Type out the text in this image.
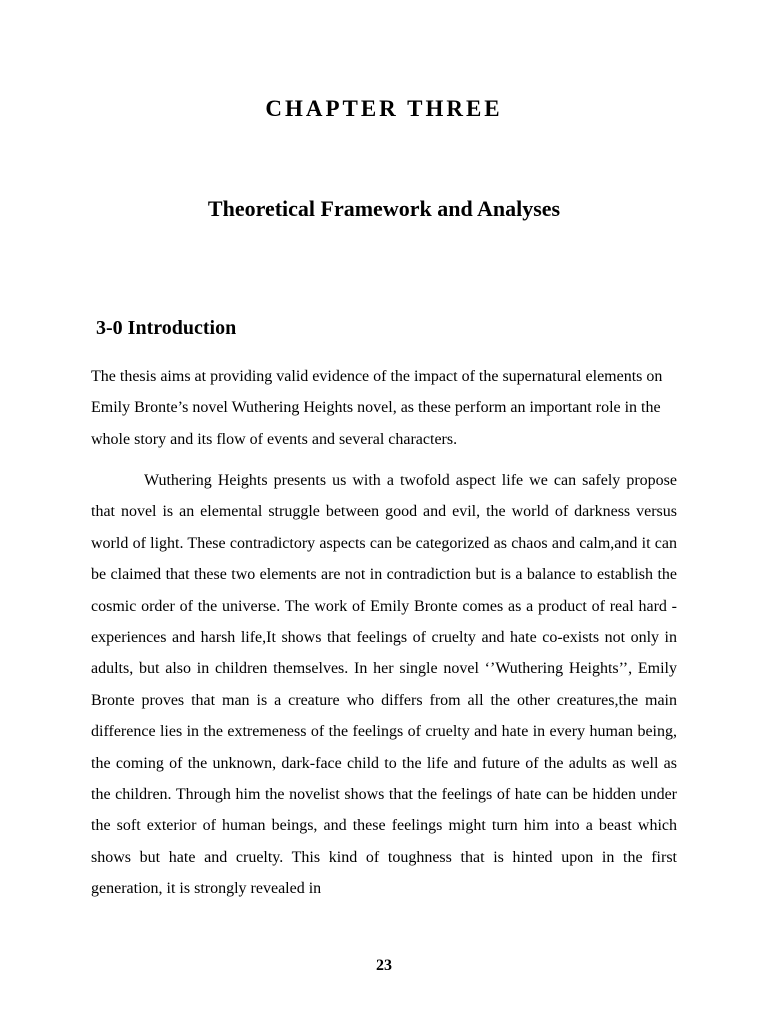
CHAPTER THREE
Theoretical Framework and Analyses
3-0 Introduction

The thesis aims at providing valid evidence of the impact of the supernatural elements on Emily Bronte’s novel Wuthering Heights novel, as these perform an important role in the whole story and its flow of events and several characters.

Wuthering Heights presents us with a twofold aspect life we can safely propose that novel is an elemental struggle between good and evil, the world of darkness versus world of light. These contradictory aspects can be categorized as chaos and calm,and it can be claimed that these two elements are not in contradiction but is a balance to establish the cosmic order of the universe. The work of Emily Bronte comes as a product of real hard - experiences and harsh life,It shows that feelings of cruelty and hate co-exists not only in adults, but also in children themselves. In her single novel ‘’Wuthering Heights’’, Emily Bronte proves that man is a creature who differs from all the other creatures,the main difference lies in the extremeness of the feelings of cruelty and hate in every human being, the coming of the unknown, dark-face child to the life and future of the adults as well as the children. Through him the novelist shows that the feelings of hate can be hidden under the soft exterior of human beings, and these feelings might turn him into a beast which shows but hate and cruelty. This kind of toughness that is hinted upon in the first generation, it is strongly revealed in

23
